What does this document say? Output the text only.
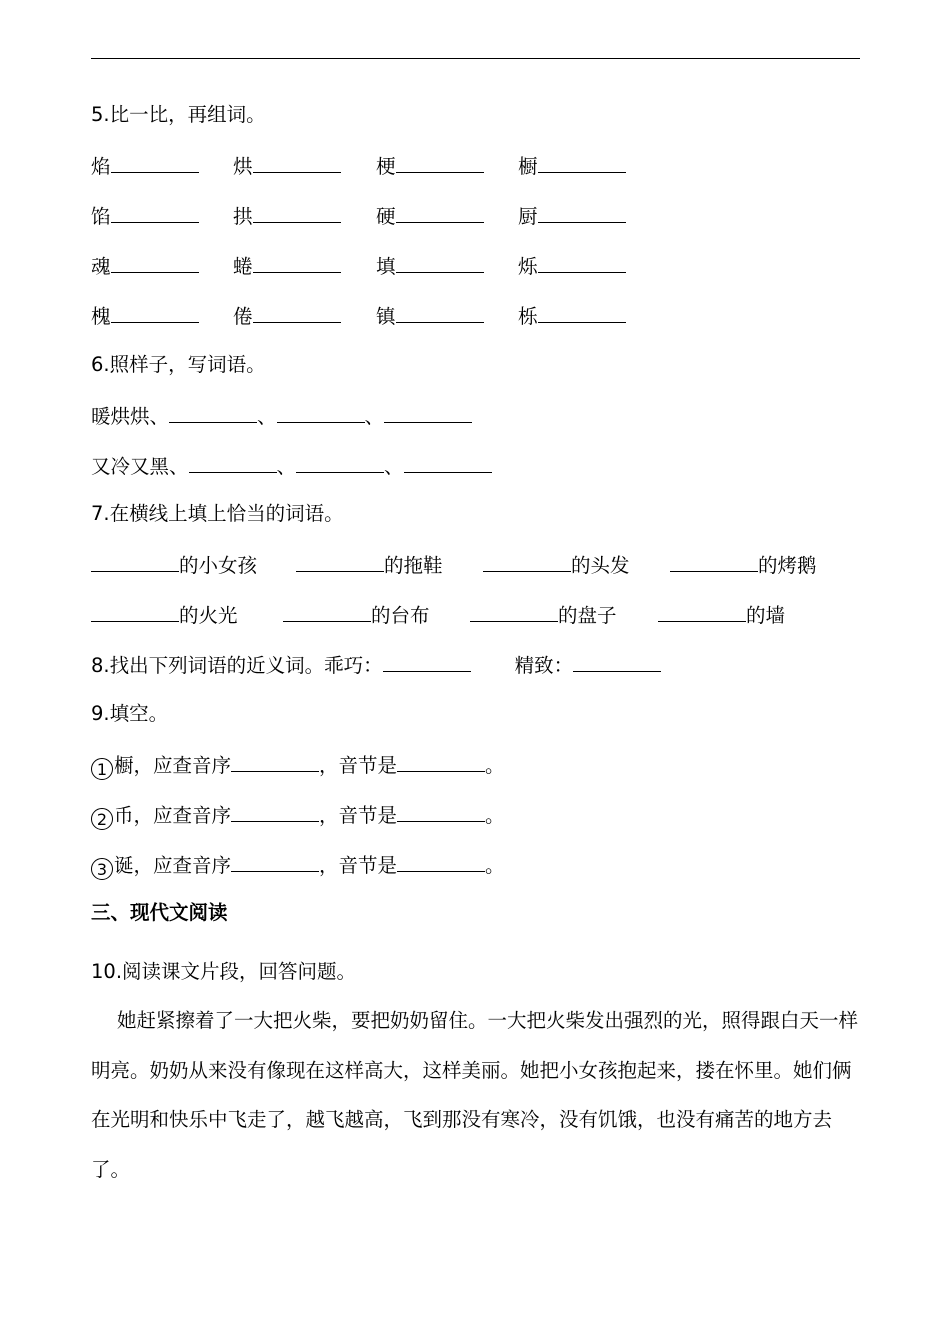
5.比一比，再组词。
焰	烘	梗	橱
馅	拱	硬	厨
魂	蜷	填	烁
槐	倦	镇	栎
6.照样子，写词语。
暖烘烘、	、	、
又冷又黑、	、	、
7.在横线上填上恰当的词语。
的小女孩	的拖鞋	的头发	的烤鹅
的火光	的台布	的盘子	的墙
8.找出下列词语的近义词。乖巧：	精致：
9.填空。
1 橱，应查音序	，音节是	。
2 币，应查音序	，音节是	。
3 诞，应查音序	，音节是	。
三、现代文阅读
10.阅读课文片段，回答问题。

她赶紧擦着了一大把火柴，要把奶奶留住。一大把火柴发出强烈的光，照得跟白天一样明亮。奶奶从来没有像现在这样高大，这样美丽。她把小女孩抱起来，搂在怀里。她们俩在光明和快乐中飞走了，越飞越高，飞到那没有寒冷，没有饥饿，也没有痛苦的地方去了。
